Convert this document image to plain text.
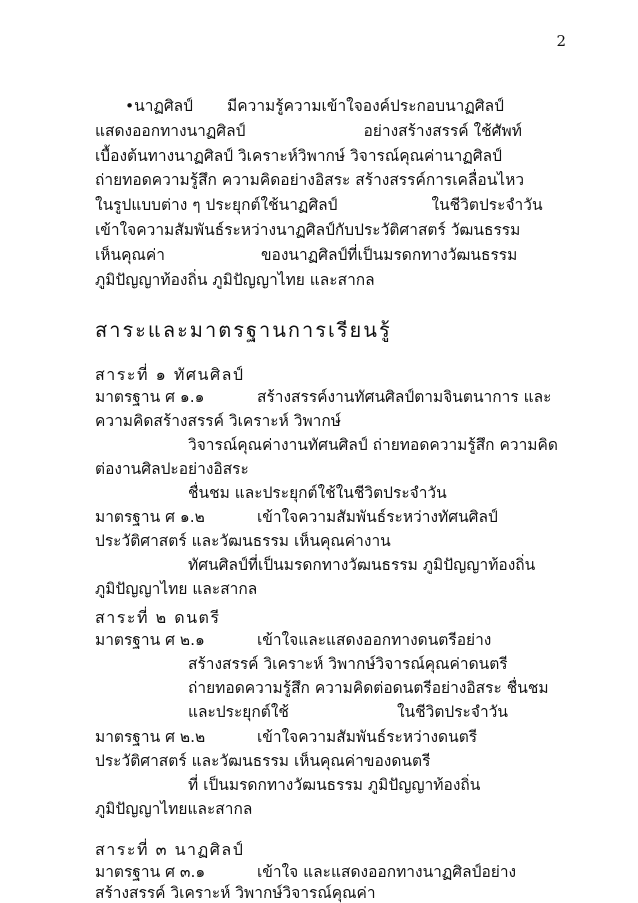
2
•นาฏศิลป์ มีความรู้ความเข้าใจองค์ประกอบนาฏศิลป์
แสดงออกทางนาฏศิลป์	อย่างสร้างสรรค์ ใช้ศัพท์
เบื้องต้นทางนาฏศิลป์ วิเคราะห์วิพากษ์ วิจารณ์คุณค่านาฏศิลป์
ถ่ายทอดความรู้สึก ความคิดอย่างอิสระ สร้างสรรค์การเคลื่อนไหว
ในรูปแบบต่าง ๆ ประยุกต์ใช้นาฏศิลป์	ในชีวิตประจำวัน
เข้าใจความสัมพันธ์ระหว่างนาฏศิลป์กับประวัติศาสตร์ วัฒนธรรม
เห็นคุณค่า	ของนาฏศิลป์ที่เป็นมรดกทางวัฒนธรรม
ภูมิปัญญาท้องถิ่น ภูมิปัญญาไทย และสากล
สาระและมาตรฐานการเรียนรู้
สาระที่ ๑ ทัศนศิลป์
มาตรฐาน ศ ๑.๑	สร้างสรรค์งานทัศนศิลป์ตามจินตนาการ และ
ความคิดสร้างสรรค์ วิเคราะห์ วิพากษ์
วิจารณ์คุณค่างานทัศนศิลป์ ถ่ายทอดความรู้สึก ความคิด
ต่องานศิลปะอย่างอิสระ
ชื่นชม และประยุกต์ใช้ในชีวิตประจำวัน
มาตรฐาน ศ ๑.๒	เข้าใจความสัมพันธ์ระหว่างทัศนศิลป์
ประวัติศาสตร์ และวัฒนธรรม เห็นคุณค่างาน
ทัศนศิลป์ที่เป็นมรดกทางวัฒนธรรม ภูมิปัญญาท้องถิ่น
ภูมิปัญญาไทย และสากล
สาระที่ ๒ ดนตรี
มาตรฐาน ศ ๒.๑	เข้าใจและแสดงออกทางดนตรีอย่าง
สร้างสรรค์ วิเคราะห์ วิพากษ์วิจารณ์คุณค่าดนตรี
ถ่ายทอดความรู้สึก ความคิดต่อดนตรีอย่างอิสระ ชื่นชม
และประยุกต์ใช้	ในชีวิตประจำวัน
มาตรฐาน ศ ๒.๒	เข้าใจความสัมพันธ์ระหว่างดนตรี
ประวัติศาสตร์ และวัฒนธรรม เห็นคุณค่าของดนตรี
ที่ เป็นมรดกทางวัฒนธรรม ภูมิปัญญาท้องถิ่น
ภูมิปัญญาไทยและสากล
สาระที่ ๓ นาฏศิลป์
มาตรฐาน ศ ๓.๑	เข้าใจ และแสดงออกทางนาฏศิลป์อย่าง
สร้างสรรค์ วิเคราะห์ วิพากษ์วิจารณ์คุณค่า
